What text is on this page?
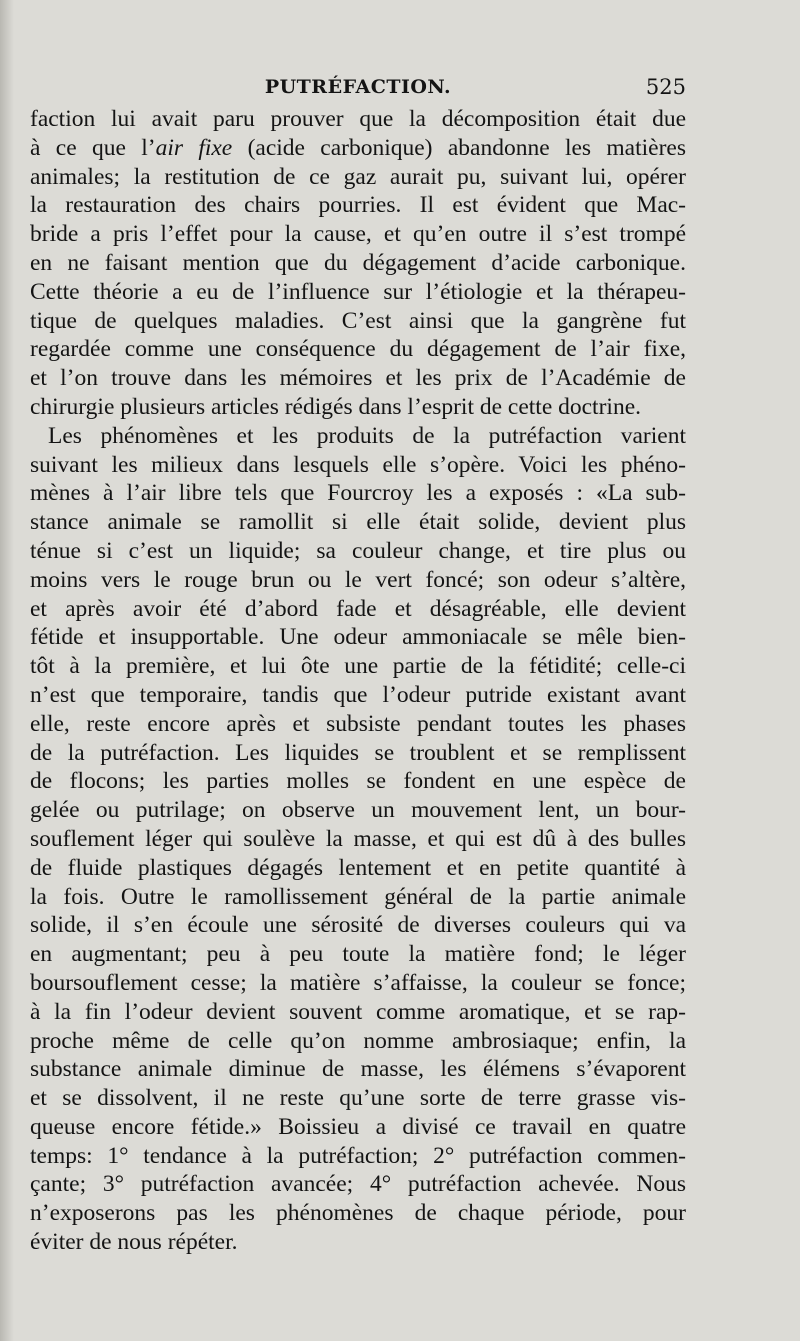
PUTRÉFACTION.	525
faction lui avait paru prouver que la décomposition était due
à ce que l’air fixe (acide carbonique) abandonne les matières
animales; la restitution de ce gaz aurait pu, suivant lui, opérer
la restauration des chairs pourries. Il est évident que Mac-
bride a pris l’effet pour la cause, et qu’en outre il s’est trompé
en ne faisant mention que du dégagement d’acide carbonique.
Cette théorie a eu de l’influence sur l’étiologie et la thérapeu-
tique de quelques maladies. C’est ainsi que la gangrène fut
regardée comme une conséquence du dégagement de l’air fixe,
et l’on trouve dans les mémoires et les prix de l’Académie de
chirurgie plusieurs articles rédigés dans l’esprit de cette doctrine.
Les phénomènes et les produits de la putréfaction varient
suivant les milieux dans lesquels elle s’opère. Voici les phéno-
mènes à l’air libre tels que Fourcroy les a exposés : «La sub-
stance animale se ramollit si elle était solide, devient plus
ténue si c’est un liquide; sa couleur change, et tire plus ou
moins vers le rouge brun ou le vert foncé; son odeur s’altère,
et après avoir été d’abord fade et désagréable, elle devient
fétide et insupportable. Une odeur ammoniacale se mêle bien-
tôt à la première, et lui ôte une partie de la fétidité; celle-ci
n’est que temporaire, tandis que l’odeur putride existant avant
elle, reste encore après et subsiste pendant toutes les phases
de la putréfaction. Les liquides se troublent et se remplissent
de flocons; les parties molles se fondent en une espèce de
gelée ou putrilage; on observe un mouvement lent, un bour-
souflement léger qui soulève la masse, et qui est dû à des bulles
de fluide plastiques dégagés lentement et en petite quantité à
la fois. Outre le ramollissement général de la partie animale
solide, il s’en écoule une sérosité de diverses couleurs qui va
en augmentant; peu à peu toute la matière fond; le léger
boursouflement cesse; la matière s’affaisse, la couleur se fonce;
à la fin l’odeur devient souvent comme aromatique, et se rap-
proche même de celle qu’on nomme ambrosiaque; enfin, la
substance animale diminue de masse, les élémens s’évaporent
et se dissolvent, il ne reste qu’une sorte de terre grasse vis-
queuse encore fétide.» Boissieu a divisé ce travail en quatre
temps: 1° tendance à la putréfaction; 2° putréfaction commen-
çante; 3° putréfaction avancée; 4° putréfaction achevée. Nous
n’exposerons pas les phénomènes de chaque période, pour
éviter de nous répéter.
